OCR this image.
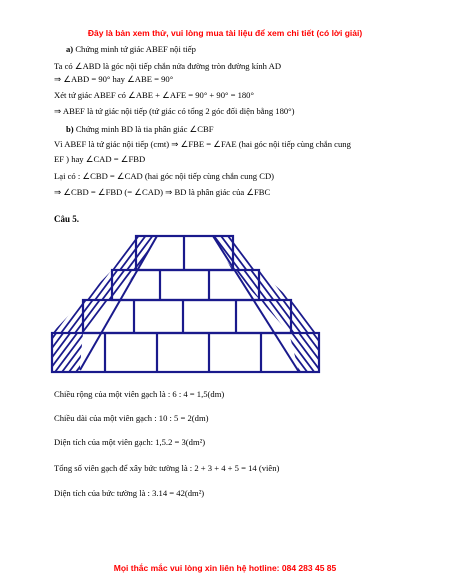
Đây là bản xem thử, vui lòng mua tài liệu để xem chi tiết (có lời giải)
a) Chứng minh tứ giác ABEF nội tiếp
Ta có ∠ABD là góc nội tiếp chắn nửa đường tròn đường kính AD
⇒ ∠ABD = 90° hay ∠ABE = 90°
Xét tứ giác ABEF có ∠ABE + ∠AFE = 90° + 90° = 180°
⇒ ABEF là tứ giác nội tiếp (tứ giác có tổng 2 góc đối diện bằng 180°)
b) Chứng minh BD là tia phân giác ∠CBF
Vì ABEF là tứ giác nội tiếp (cmt) ⇒ ∠FBE = ∠FAE (hai góc nội tiếp cùng chắn cung
EF ) hay ∠CAD = ∠FBD
Lại có : ∠CBD = ∠CAD (hai góc nội tiếp cùng chắn cung CD)
⇒ ∠CBD = ∠FBD (= ∠CAD) ⇒ BD là phân giác của ∠FBC
Câu 5.
Chiều rộng của một viên gạch là : 6 : 4 = 1,5(dm)
Chiều dài của một viên gạch : 10 : 5 = 2(dm)
Diện tích của một viên gạch: 1,5.2 = 3(dm²)
Tổng số viên gạch để xây bức tường là : 2 + 3 + 4 + 5 = 14 (viên)
Diện tích của bức tường là : 3.14 = 42(dm²)
Mọi thắc mắc vui lòng xin liên hệ hotline: 084 283 45 85
